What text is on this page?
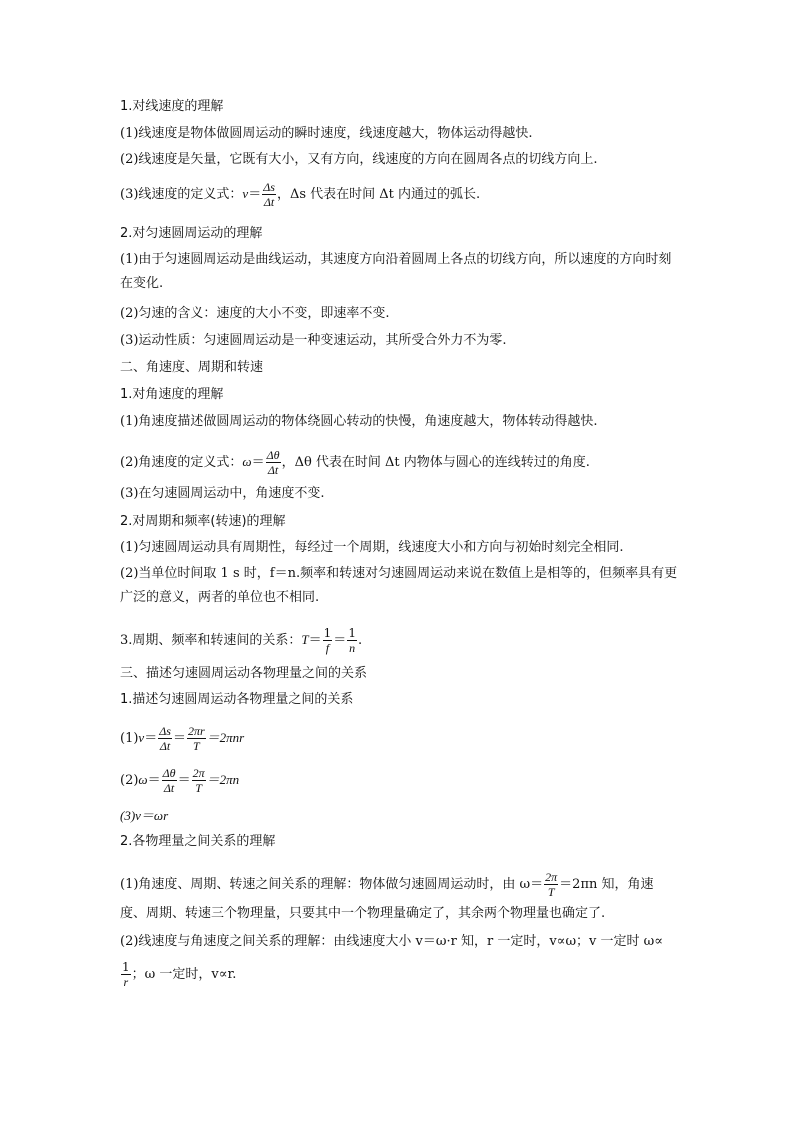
1.对线速度的理解
(1)线速度是物体做圆周运动的瞬时速度，线速度越大，物体运动得越快.
(2)线速度是矢量，它既有大小，又有方向，线速度的方向在圆周各点的切线方向上.
(3)线速度的定义式：$v= \frac{\Delta s}{\Delta t}$ ，Δs 代表在时间 Δt 内通过的弧长.
2.对匀速圆周运动的理解
(1)由于匀速圆周运动是曲线运动，其速度方向沿着圆周上各点的切线方向，所以速度的方向时刻在变化.
(2)匀速的含义：速度的大小不变，即速率不变.
(3)运动性质：匀速圆周运动是一种变速运动，其所受合外力不为零.
二、角速度、周期和转速
1.对角速度的理解
(1)角速度描述做圆周运动的物体绕圆心转动的快慢，角速度越大，物体转动得越快.
(2)角速度的定义式：$\omega= \frac{\Delta\theta}{\Delta t}$ ，Δθ 代表在时间 Δt 内物体与圆心的连线转过的角度.
(3)在匀速圆周运动中，角速度不变.
2.对周期和频率(转速)的理解
(1)匀速圆周运动具有周期性，每经过一个周期，线速度大小和方向与初始时刻完全相同.
(2)当单位时间取 1 s 时，f＝n.频率和转速对匀速圆周运动来说在数值上是相等的，但频率具有更广泛的意义，两者的单位也不相同.
3.周期、频率和转速间的关系：$T= \frac{1}{f} = \frac{1}{n}$ .
三、描述匀速圆周运动各物理量之间的关系
1.描述匀速圆周运动各物理量之间的关系
$(1)v= \frac{\Delta s}{\Delta t} = \frac{2\pi r}{T} =2\pi nr$
$(2)\omega= \frac{\Delta\theta}{\Delta t} = \frac{2\pi}{T} =2\pi n$
(3)v＝ωr
2.各物理量之间关系的理解
(1)角速度、周期、转速之间关系的理解：物体做匀速圆周运动时，由 $\omega= \frac{2\pi}{T} =2\pi n$ 知，角速
度、周期、转速三个物理量，只要其中一个物理量确定了，其余两个物理量也确定了.
(2)线速度与角速度之间关系的理解：由线速度大小 v＝ω·r 知，r 一定时，v∝ω；v 一定时 ω∝
$\frac{1}{r}$ ；ω 一定时，v∝r.
